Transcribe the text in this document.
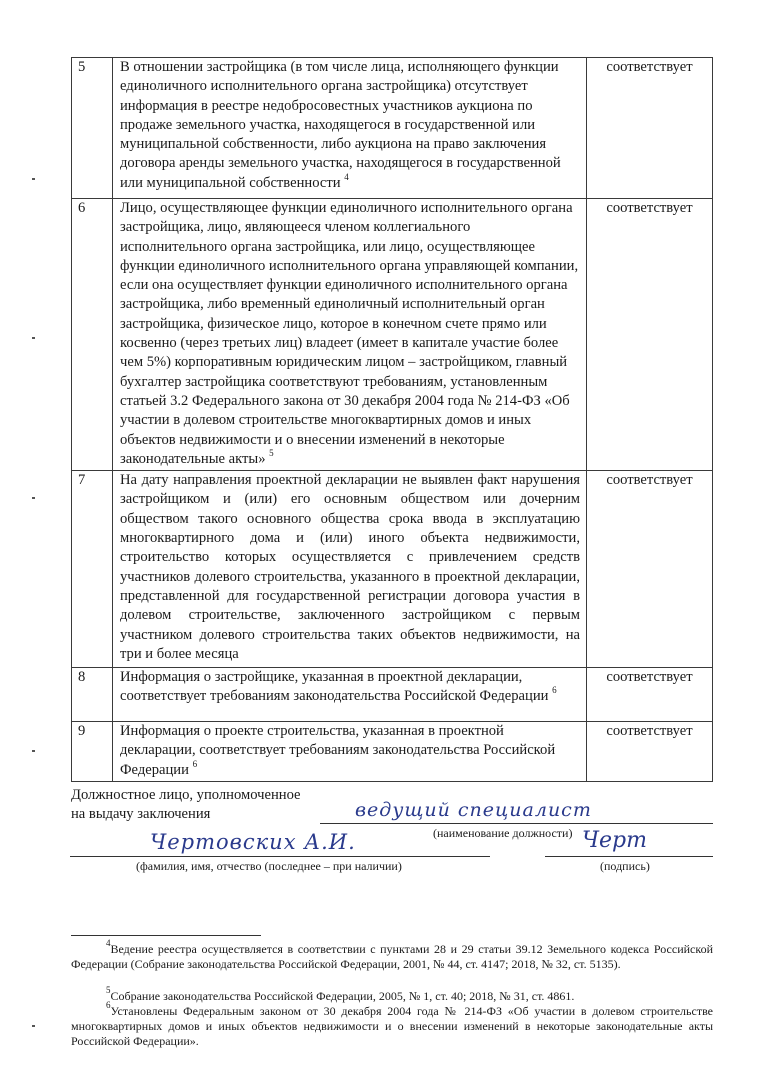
5	В отношении застройщика (в том числе лица, исполняющего функции единоличного исполнительного органа застройщика) отсутствует информация в реестре недобросовестных участников аукциона по продаже земельного участка, находящегося в государственной или муниципальной собственности, либо аукциона на право заключения договора аренды земельного участка, находящегося в государственной или муниципальной собственности $^4$	соответствует
6	Лицо, осуществляющее функции единоличного исполнительного органа застройщика, лицо, являющееся членом коллегиального исполнительного органа застройщика, или лицо, осуществляющее функции единоличного исполнительного органа управляющей компании, если она осуществляет функции единоличного исполнительного органа застройщика, либо временный единоличный исполнительный орган застройщика, физическое лицо, которое в конечном счете прямо или косвенно (через третьих лиц) владеет (имеет в капитале участие более чем 5%) корпоративным юридическим лицом – застройщиком, главный бухгалтер застройщика соответствуют требованиям, установленным статьей 3.2 Федерального закона от 30 декабря 2004 года № 214-ФЗ «Об участии в долевом строительстве многоквартирных домов и иных объектов недвижимости и о внесении изменений в некоторые законодательные акты» $^5$	соответствует
7	На дату направления проектной декларации не выявлен факт нарушения застройщиком и (или) его основным обществом или дочерним обществом такого основного общества срока ввода в эксплуатацию многоквартирного дома и (или) иного объекта недвижимости, строительство которых осуществляется с привлечением средств участников долевого строительства, указанного в проектной декларации, представленной для государственной регистрации договора участия в долевом строительстве, заключенного застройщиком с первым участником долевого строительства таких объектов недвижимости, на три и более месяца	соответствует
8	Информация о застройщике, указанная в проектной декларации, соответствует требованиям законодательства Российской Федерации $^6$	соответствует
9	Информация о проекте строительства, указанная в проектной декларации, соответствует требованиям законодательства Российской Федерации $^6$	соответствует
Должностное лицо, уполномоченное
на выдачу заключения	ведущий специалист
(наименование должности)
Чертовских А.И.
(фамилия, имя, отчество (последнее – при наличии)
Черт
(подпись)
$^4$Ведение реестра осуществляется в соответствии с пунктами 28 и 29 статьи 39.12 Земельного кодекса Российской Федерации (Собрание законодательства Российской Федерации, 2001, № 44, ст. 4147; 2018, № 32, ст. 5135).
$^5$Собрание законодательства Российской Федерации, 2005, № 1, ст. 40; 2018, № 31, ст. 4861.
$^6$Установлены Федеральным законом от 30 декабря 2004 года № 214-ФЗ «Об участии в долевом строительстве многоквартирных домов и иных объектов недвижимости и о внесении изменений в некоторые законодательные акты Российской Федерации».
